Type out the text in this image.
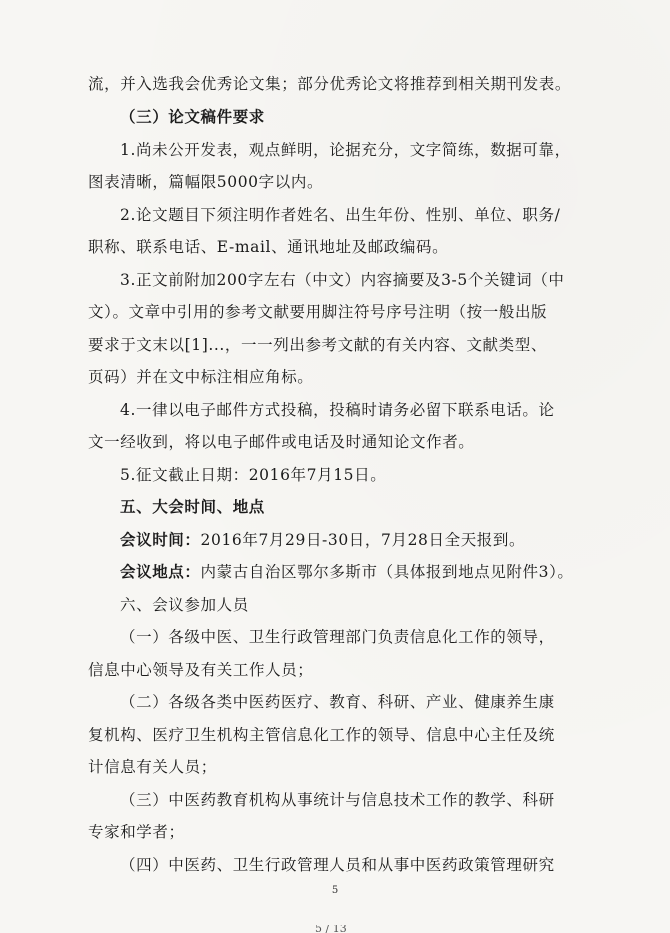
流，并入选我会优秀论文集；部分优秀论文将推荐到相关期刊发表。
（三）论文稿件要求
1.尚未公开发表，观点鲜明，论据充分，文字简练，数据可靠，
图表清晰，篇幅限5000字以内。
2.论文题目下须注明作者姓名、出生年份、性别、单位、职务/
职称、联系电话、E-mail、通讯地址及邮政编码。
3.正文前附加200字左右（中文）内容摘要及3-5个关键词（中
文）。文章中引用的参考文献要用脚注符号序号注明（按一般出版
要求于文末以[1]...，一一列出参考文献的有关内容、文献类型、
页码）并在文中标注相应角标。
4.一律以电子邮件方式投稿，投稿时请务必留下联系电话。论
文一经收到，将以电子邮件或电话及时通知论文作者。
5.征文截止日期：2016年7月15日。
五、大会时间、地点
会议时间：2016年7月29日-30日，7月28日全天报到。
会议地点：内蒙古自治区鄂尔多斯市（具体报到地点见附件3）。
六、会议参加人员
（一）各级中医、卫生行政管理部门负责信息化工作的领导，
信息中心领导及有关工作人员；
（二）各级各类中医药医疗、教育、科研、产业、健康养生康
复机构、医疗卫生机构主管信息化工作的领导、信息中心主任及统
计信息有关人员；
（三）中医药教育机构从事统计与信息技术工作的教学、科研
专家和学者；
（四）中医药、卫生行政管理人员和从事中医药政策管理研究
5
5 / 13
